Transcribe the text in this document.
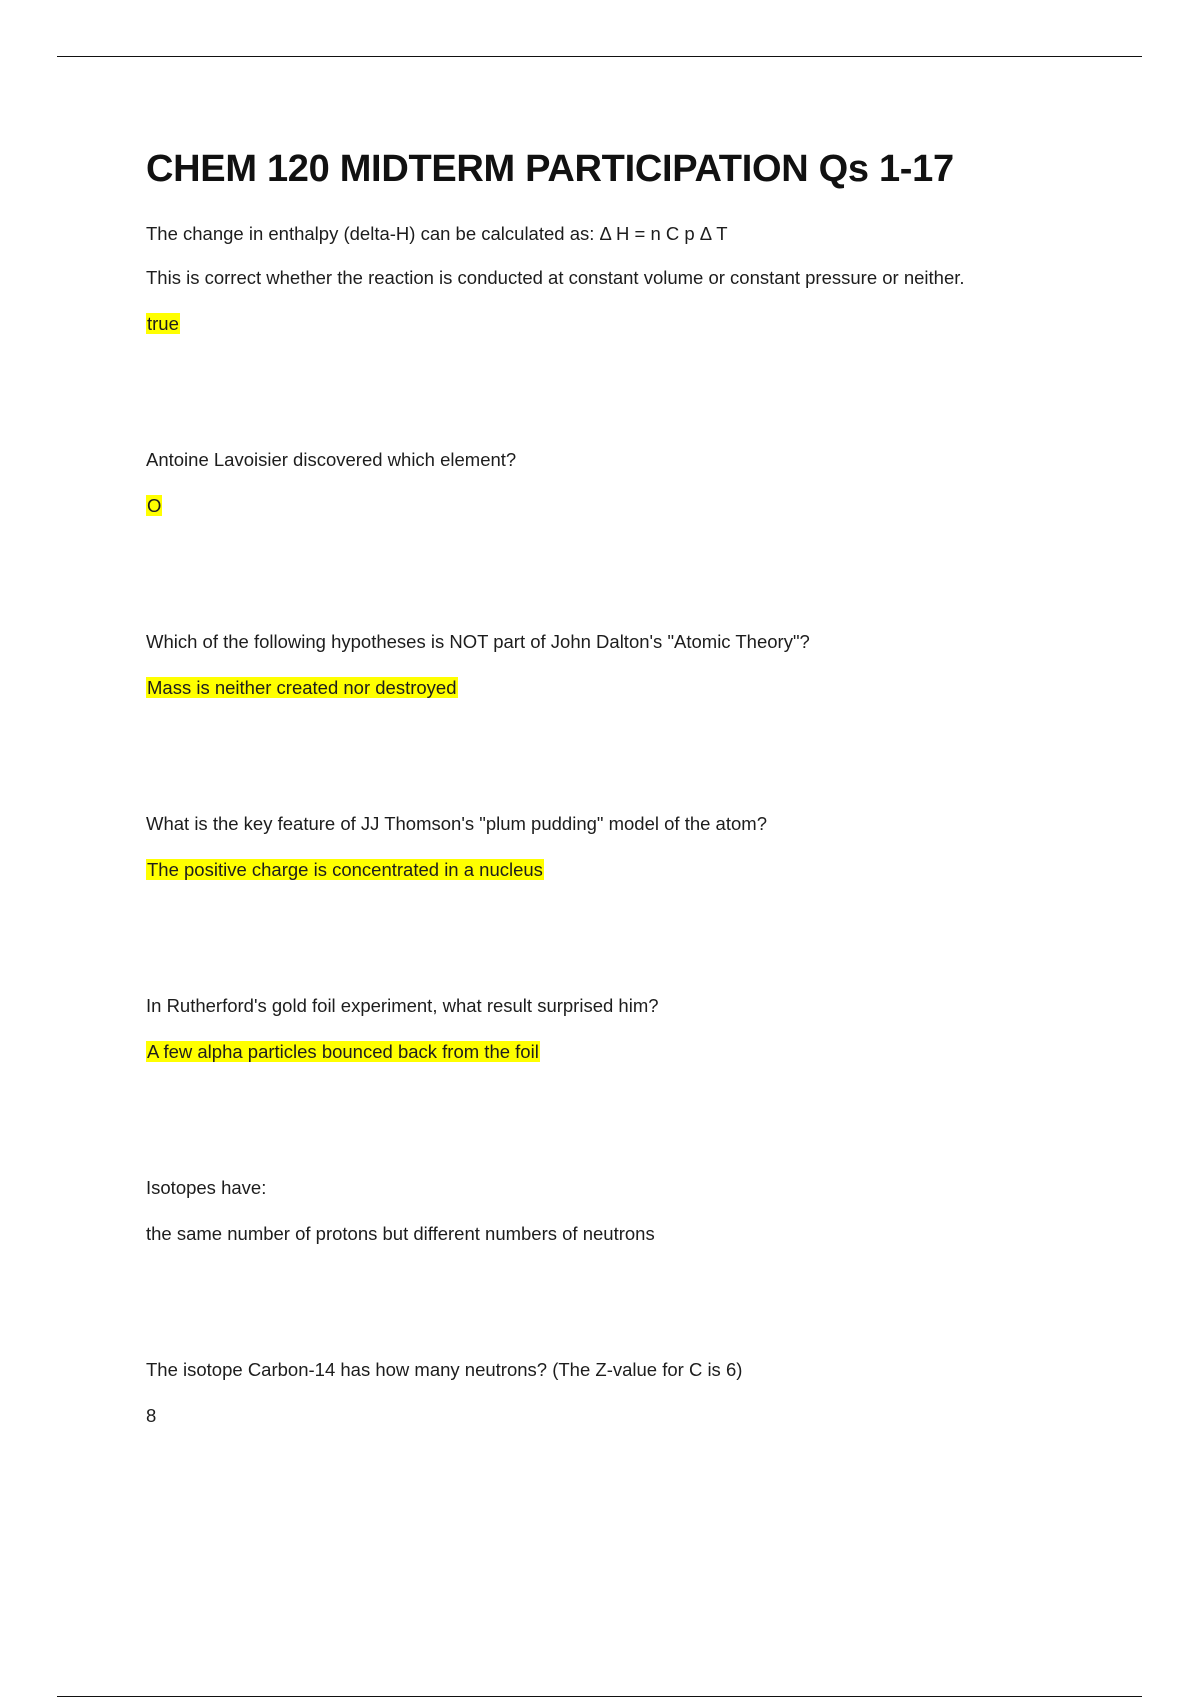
CHEM 120 MIDTERM PARTICIPATION Qs 1-17
The change in enthalpy (delta-H) can be calculated as: Δ H = n C p Δ T
This is correct whether the reaction is conducted at constant volume or constant pressure or neither.
true
Antoine Lavoisier discovered which element?
O
Which of the following hypotheses is NOT part of John Dalton's "Atomic Theory"?
Mass is neither created nor destroyed
What is the key feature of JJ Thomson's "plum pudding" model of the atom?
The positive charge is concentrated in a nucleus
In Rutherford's gold foil experiment, what result surprised him?
A few alpha particles bounced back from the foil
Isotopes have:
the same number of protons but different numbers of neutrons
The isotope Carbon-14 has how many neutrons? (The Z-value for C is 6)
8
